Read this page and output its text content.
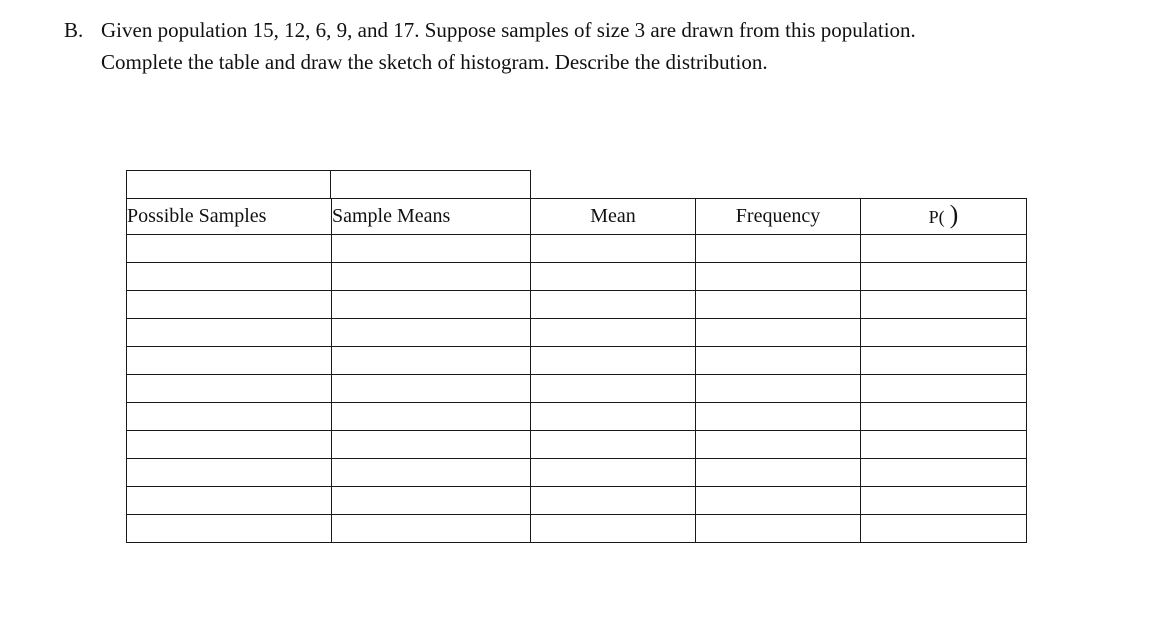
B. Given population 15, 12, 6, 9, and 17. Suppose samples of size 3 are drawn from this population.
Complete the table and draw the sketch of histogram. Describe the distribution.
Possible Samples	Sample Means	Mean	Frequency	P( )
